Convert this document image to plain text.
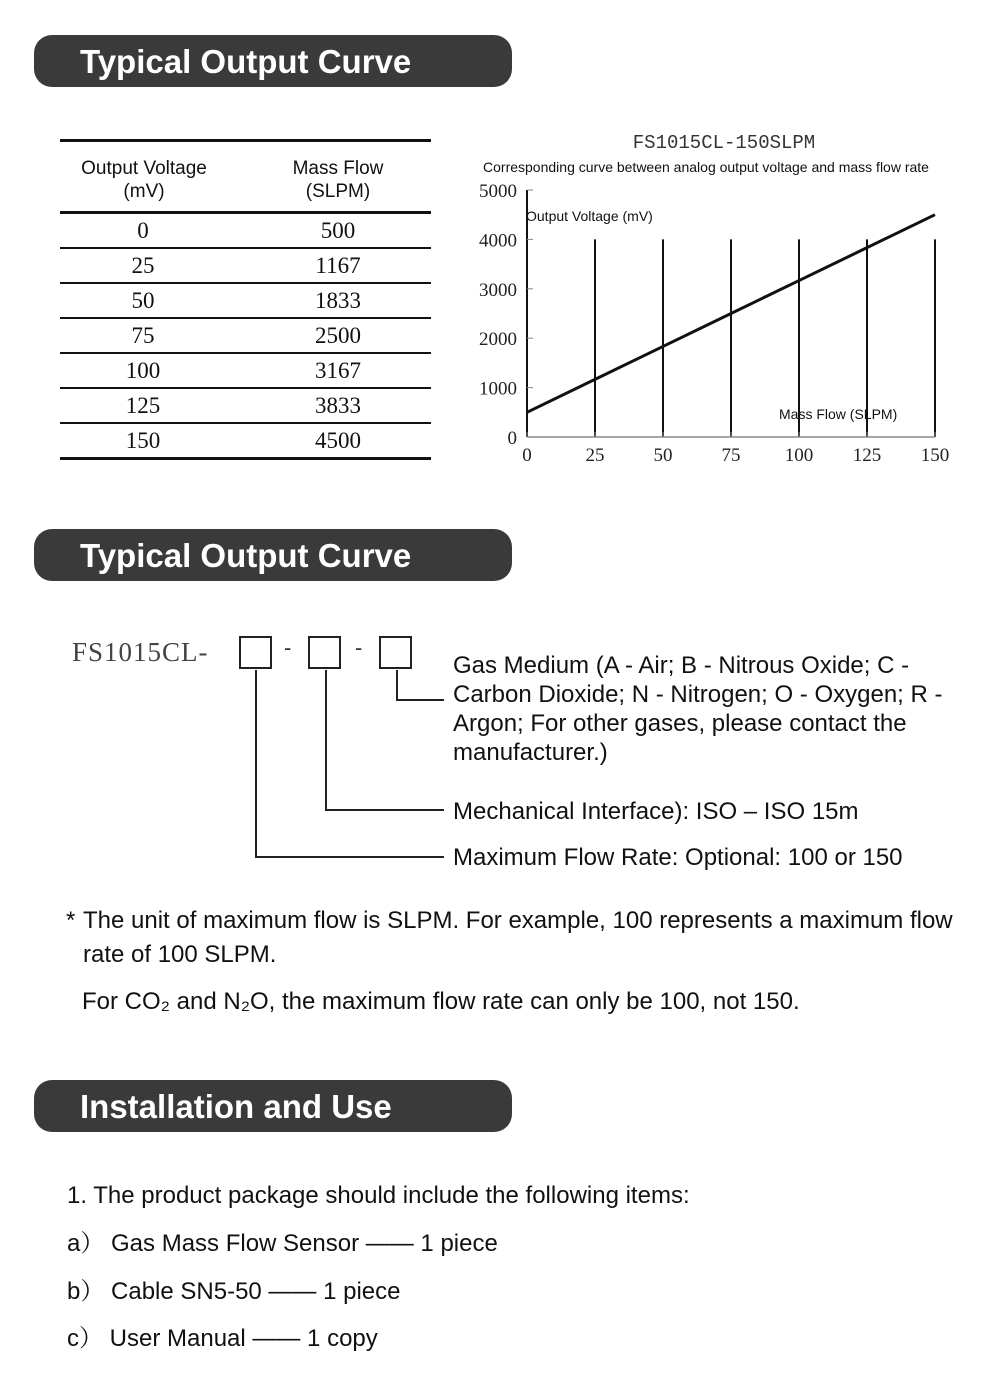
Typical Output Curve
Output Voltage
(mV)
Mass Flow
(SLPM)
0	500
25	1167
50	1833
75	2500
100	3167
125	3833
150	4500
FS1015CL-150SLPM
Corresponding curve between analog output voltage and mass flow rate
0
1000
2000
3000
4000
5000
0	25	50	75 100 125 150
Output Voltage (mV)
Mass Flow (SLPM)
Typical Output Curve
FS1015CL-	-	-
Gas Medium (A - Air; B - Nitrous Oxide; C - Carbon Dioxide; N - Nitrogen; O - Oxygen; R - Argon; For other gases, please contact the manufacturer.)
Mechanical Interface): ISO – ISO 15m
Maximum Flow Rate: Optional: 100 or 150
* The unit of maximum flow is SLPM. For example, 100 represents a maximum flow rate of 100 SLPM.
For CO₂ and N₂O, the maximum flow rate can only be 100, not 150.
Installation and Use
1. The product package should include the following items:
a） Gas Mass Flow Sensor —— 1 piece
b） Cable SN5-50 —— 1 piece
c） User Manual —— 1 copy
